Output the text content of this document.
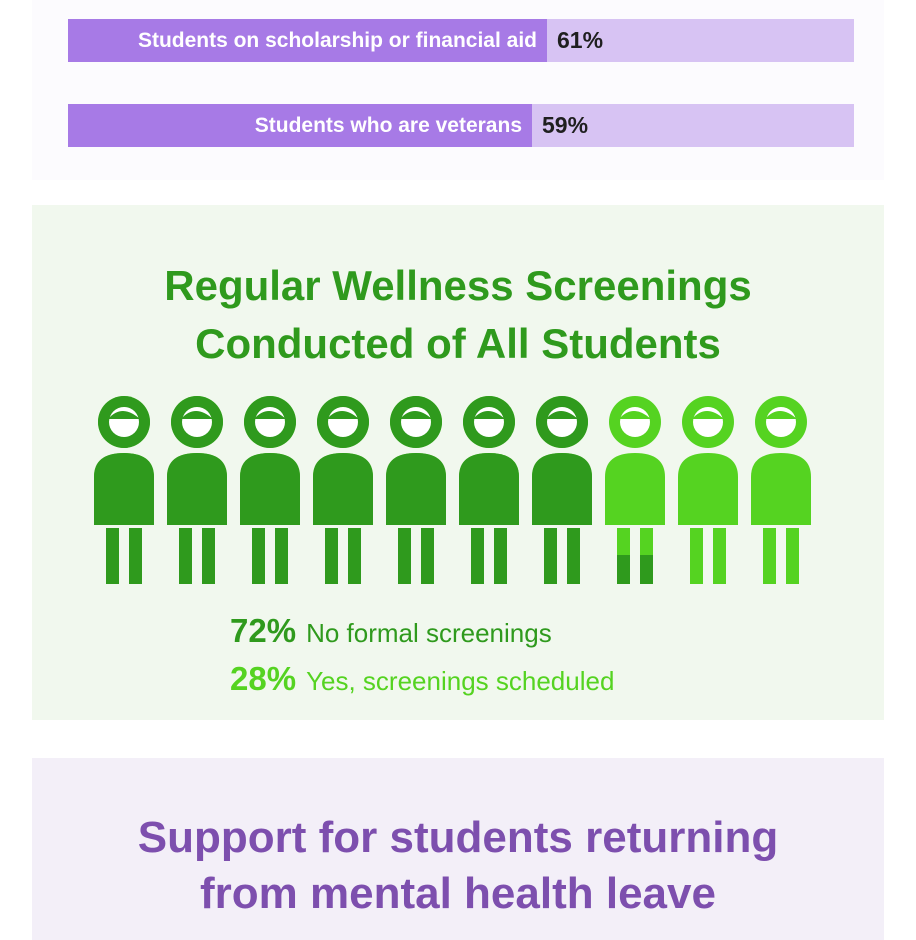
Students on scholarship or financial aid 61%
Students who are veterans 59%
Regular Wellness Screenings
Conducted of All Students
72% No formal screenings
28% Yes, screenings scheduled
Support for students returning
from mental health leave
